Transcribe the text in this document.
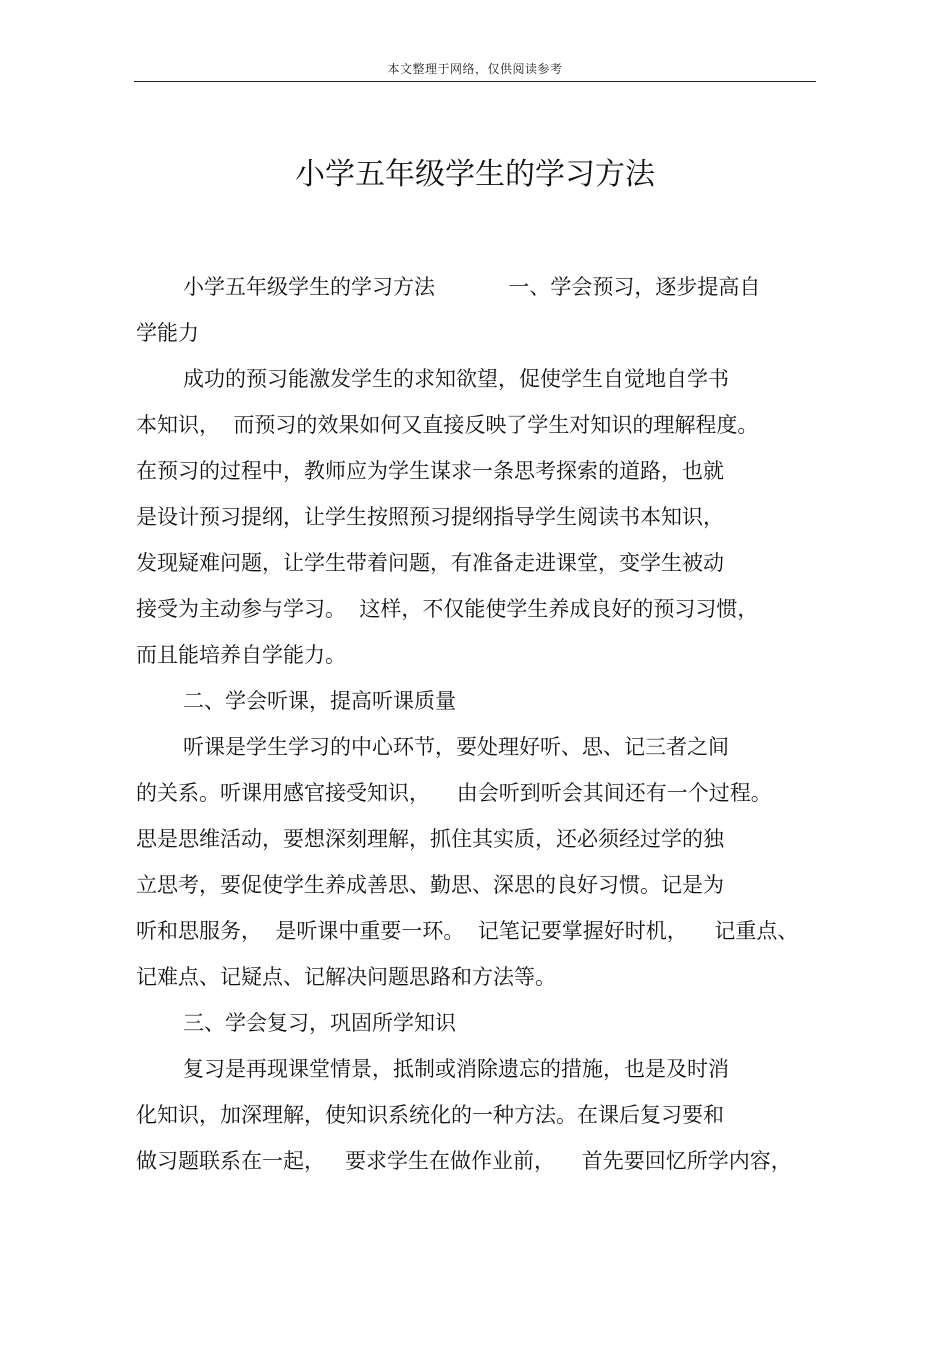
本文整理于网络，仅供阅读参考
小学五年级学生的学习方法
小学五年级学生的学习方法           一、学会预习，逐步提高自
学能力
成功的预习能激发学生的求知欲望，促使学生自觉地自学书
本知识，  而预习的效果如何又直接反映了学生对知识的理解程度。
在预习的过程中，教师应为学生谋求一条思考探索的道路，也就
是设计预习提纲，让学生按照预习提纲指导学生阅读书本知识，
发现疑难问题，让学生带着问题，有准备走进课堂，变学生被动
接受为主动参与学习。  这样，不仅能使学生养成良好的预习习惯，
而且能培养自学能力。
二、学会听课，提高听课质量
听课是学生学习的中心环节，要处理好听、思、记三者之间
的关系。听课用感官接受知识，    由会听到听会其间还有一个过程。
思是思维活动，要想深刻理解，抓住其实质，还必须经过学的独
立思考，要促使学生养成善思、勤思、深思的良好习惯。记是为
听和思服务，  是听课中重要一环。  记笔记要掌握好时机，    记重点、
记难点、记疑点、记解决问题思路和方法等。
三、学会复习，巩固所学知识
复习是再现课堂情景，抵制或消除遗忘的措施，也是及时消
化知识，加深理解，使知识系统化的一种方法。在课后复习要和
做习题联系在一起，   要求学生在做作业前，    首先要回忆所学内容，
